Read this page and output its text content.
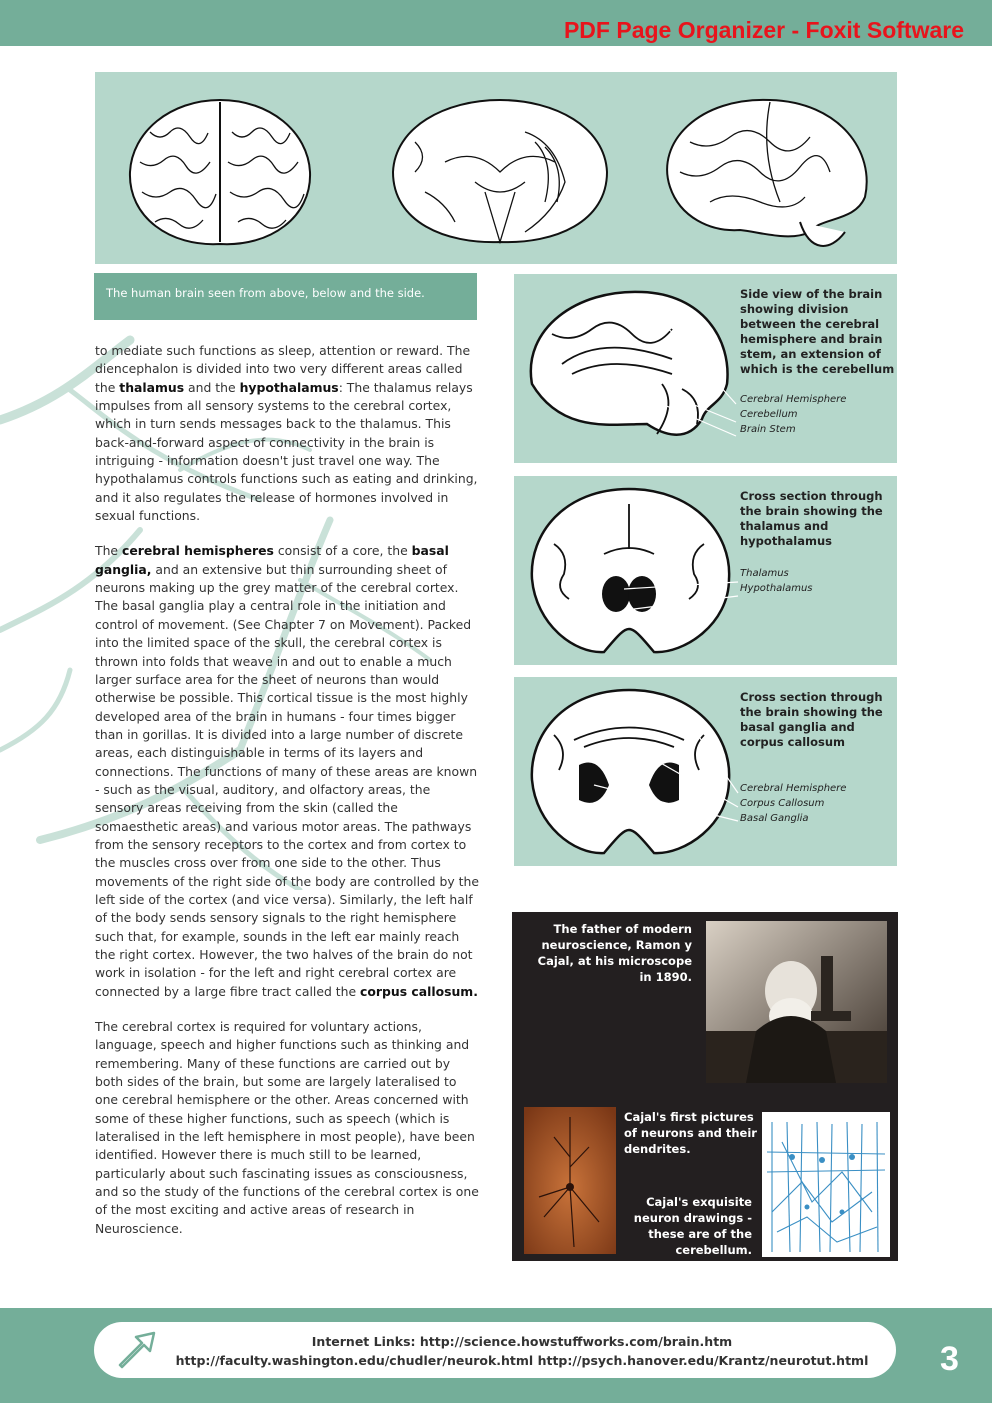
PDF Page Organizer - Foxit Software
The human brain seen from above, below and the side.

to mediate such functions as sleep, attention or reward. The diencephalon is divided into two very different areas called the thalamus and the hypothalamus: The thalamus relays impulses from all sensory systems to the cerebral cortex, which in turn sends messages back to the thalamus. This back-and-forward aspect of connectivity in the brain is intriguing - information doesn't just travel one way. The hypothalamus controls functions such as eating and drinking, and it also regulates the release of hormones involved in sexual functions.

The cerebral hemispheres consist of a core, the basal ganglia, and an extensive but thin surrounding sheet of neurons making up the grey matter of the cerebral cortex. The basal ganglia play a central role in the initiation and control of movement. (See Chapter 7 on Movement). Packed into the limited space of the skull, the cerebral cortex is thrown into folds that weave in and out to enable a much larger surface area for the sheet of neurons than would otherwise be possible. This cortical tissue is the most highly developed area of the brain in humans - four times bigger than in gorillas. It is divided into a large number of discrete areas, each distinguishable in terms of its layers and connections. The functions of many of these areas are known - such as the visual, auditory, and olfactory areas, the sensory areas receiving from the skin (called the somaesthetic areas) and various motor areas. The pathways from the sensory receptors to the cortex and from cortex to the muscles cross over from one side to the other. Thus movements of the right side of the body are controlled by the left side of the cortex (and vice versa). Similarly, the left half of the body sends sensory signals to the right hemisphere such that, for example, sounds in the left ear mainly reach the right cortex. However, the two halves of the brain do not work in isolation - for the left and right cerebral cortex are connected by a large fibre tract called the corpus callosum.

The cerebral cortex is required for voluntary actions, language, speech and higher functions such as thinking and remembering. Many of these functions are carried out by both sides of the brain, but some are largely lateralised to one cerebral hemisphere or the other. Areas concerned with some of these higher functions, such as speech (which is lateralised in the left hemisphere in most people), have been identified. However there is much still to be learned, particularly about such fascinating issues as consciousness, and so the study of the functions of the cerebral cortex is one of the most exciting and active areas of research in Neuroscience.

Side view of the brain showing division between the cerebral hemisphere and brain stem, an extension of which is the cerebellum
Cerebral Hemisphere
Cerebellum
Brain Stem
Cross section through the brain showing the thalamus and hypothalamus
Thalamus
Hypothalamus
Cross section through the brain showing the basal ganglia and corpus callosum
Cerebral Hemisphere
Corpus Callosum
Basal Ganglia
The father of modern neuroscience, Ramon y Cajal, at his microscope in 1890.
Cajal's first pictures of neurons and their dendrites.
Cajal's exquisite neuron drawings - these are of the cerebellum.
Internet Links: http://science.howstuffworks.com/brain.htm
http://faculty.washington.edu/chudler/neurok.html http://psych.hanover.edu/Krantz/neurotut.html	3
